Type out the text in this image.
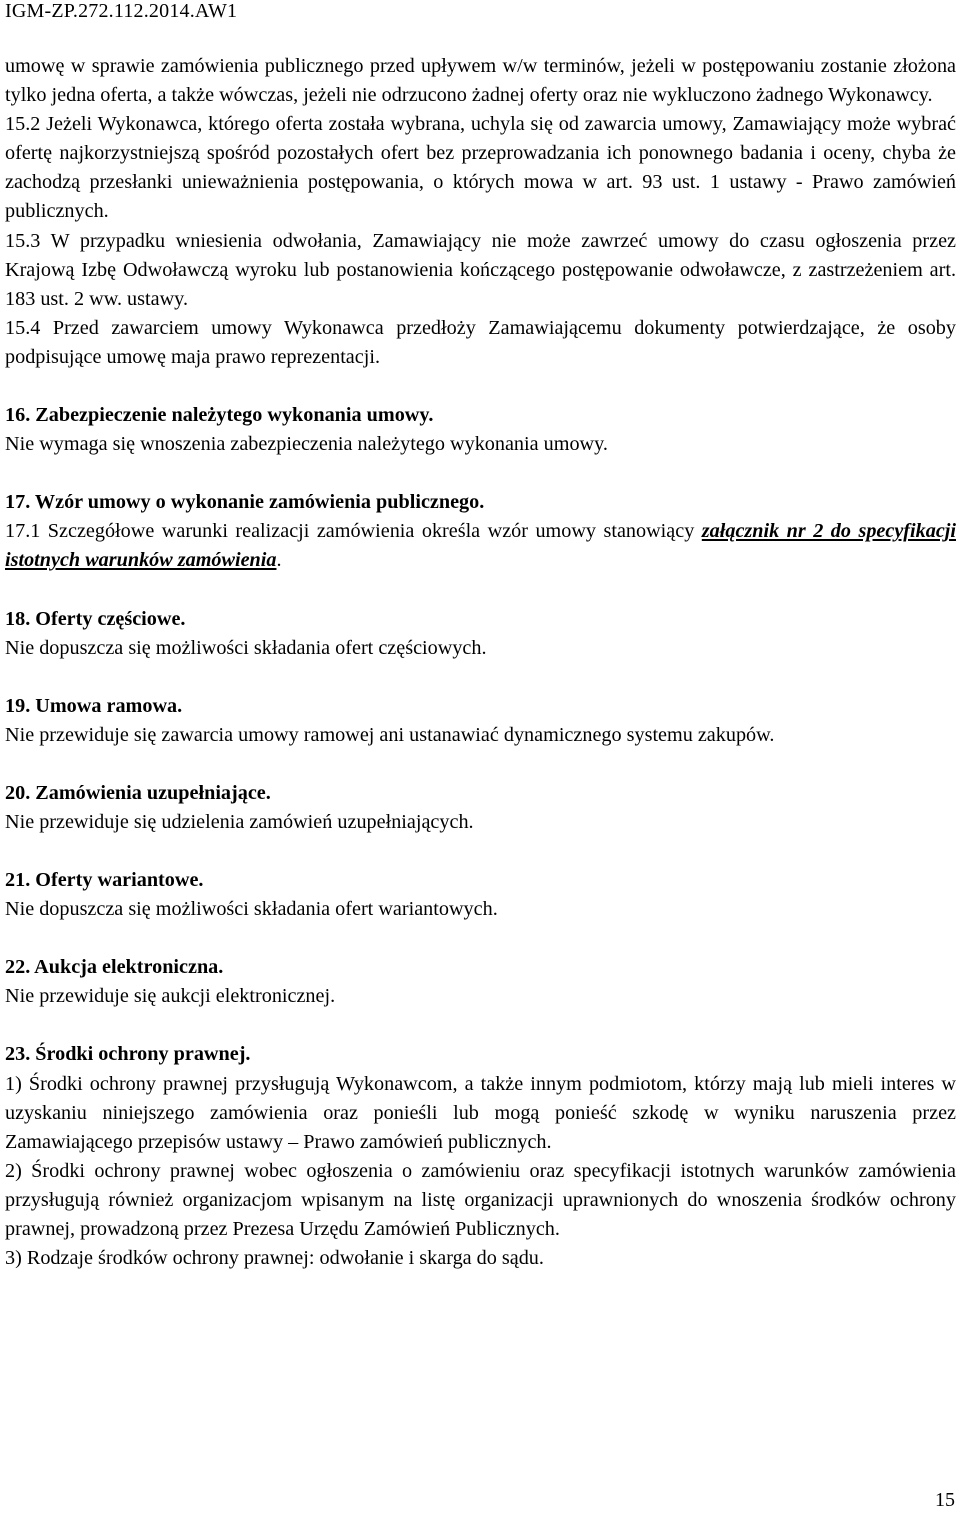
IGM-ZP.272.112.2014.AW1

umowę w sprawie zamówienia publicznego przed upływem w/w terminów, jeżeli w postępowaniu zostanie złożona tylko jedna oferta, a także wówczas, jeżeli nie odrzucono żadnej oferty oraz nie wykluczono żadnego Wykonawcy.

15.2 Jeżeli Wykonawca, którego oferta została wybrana, uchyla się od zawarcia umowy, Zamawiający może wybrać ofertę najkorzystniejszą spośród pozostałych ofert bez przeprowadzania ich ponownego badania i oceny, chyba że zachodzą przesłanki unieważnienia postępowania, o których mowa w art. 93 ust. 1 ustawy - Prawo zamówień publicznych.

15.3 W przypadku wniesienia odwołania, Zamawiający nie może zawrzeć umowy do czasu ogłoszenia przez Krajową Izbę Odwoławczą wyroku lub postanowienia kończącego postępowanie odwoławcze, z zastrzeżeniem art. 183 ust. 2 ww. ustawy.

15.4 Przed zawarciem umowy Wykonawca przedłoży Zamawiającemu dokumenty potwierdzające, że osoby podpisujące umowę maja prawo reprezentacji.

16. Zabezpieczenie należytego wykonania umowy.

Nie wymaga się wnoszenia zabezpieczenia należytego wykonania umowy.

17. Wzór umowy o wykonanie zamówienia publicznego.

17.1 Szczegółowe warunki realizacji zamówienia określa wzór umowy stanowiący załącznik nr 2 do specyfikacji istotnych warunków zamówienia.

18. Oferty częściowe.

Nie dopuszcza się możliwości składania ofert częściowych.

19. Umowa ramowa.

Nie przewiduje się zawarcia umowy ramowej ani ustanawiać dynamicznego systemu zakupów.

20. Zamówienia uzupełniające.

Nie przewiduje się udzielenia zamówień uzupełniających.

21. Oferty wariantowe.

Nie dopuszcza się możliwości składania ofert wariantowych.

22. Aukcja elektroniczna.

Nie przewiduje się aukcji elektronicznej.

23. Środki ochrony prawnej.

1) Środki ochrony prawnej przysługują Wykonawcom, a także innym podmiotom, którzy mają lub mieli interes w uzyskaniu niniejszego zamówienia oraz ponieśli lub mogą ponieść szkodę w wyniku naruszenia przez Zamawiającego przepisów ustawy – Prawo zamówień publicznych.

2) Środki ochrony prawnej wobec ogłoszenia o zamówieniu oraz specyfikacji istotnych warunków zamówienia przysługują również organizacjom wpisanym na listę organizacji uprawnionych do wnoszenia środków ochrony prawnej, prowadzoną przez Prezesa Urzędu Zamówień Publicznych.

3) Rodzaje środków ochrony prawnej: odwołanie i skarga do sądu.

15
